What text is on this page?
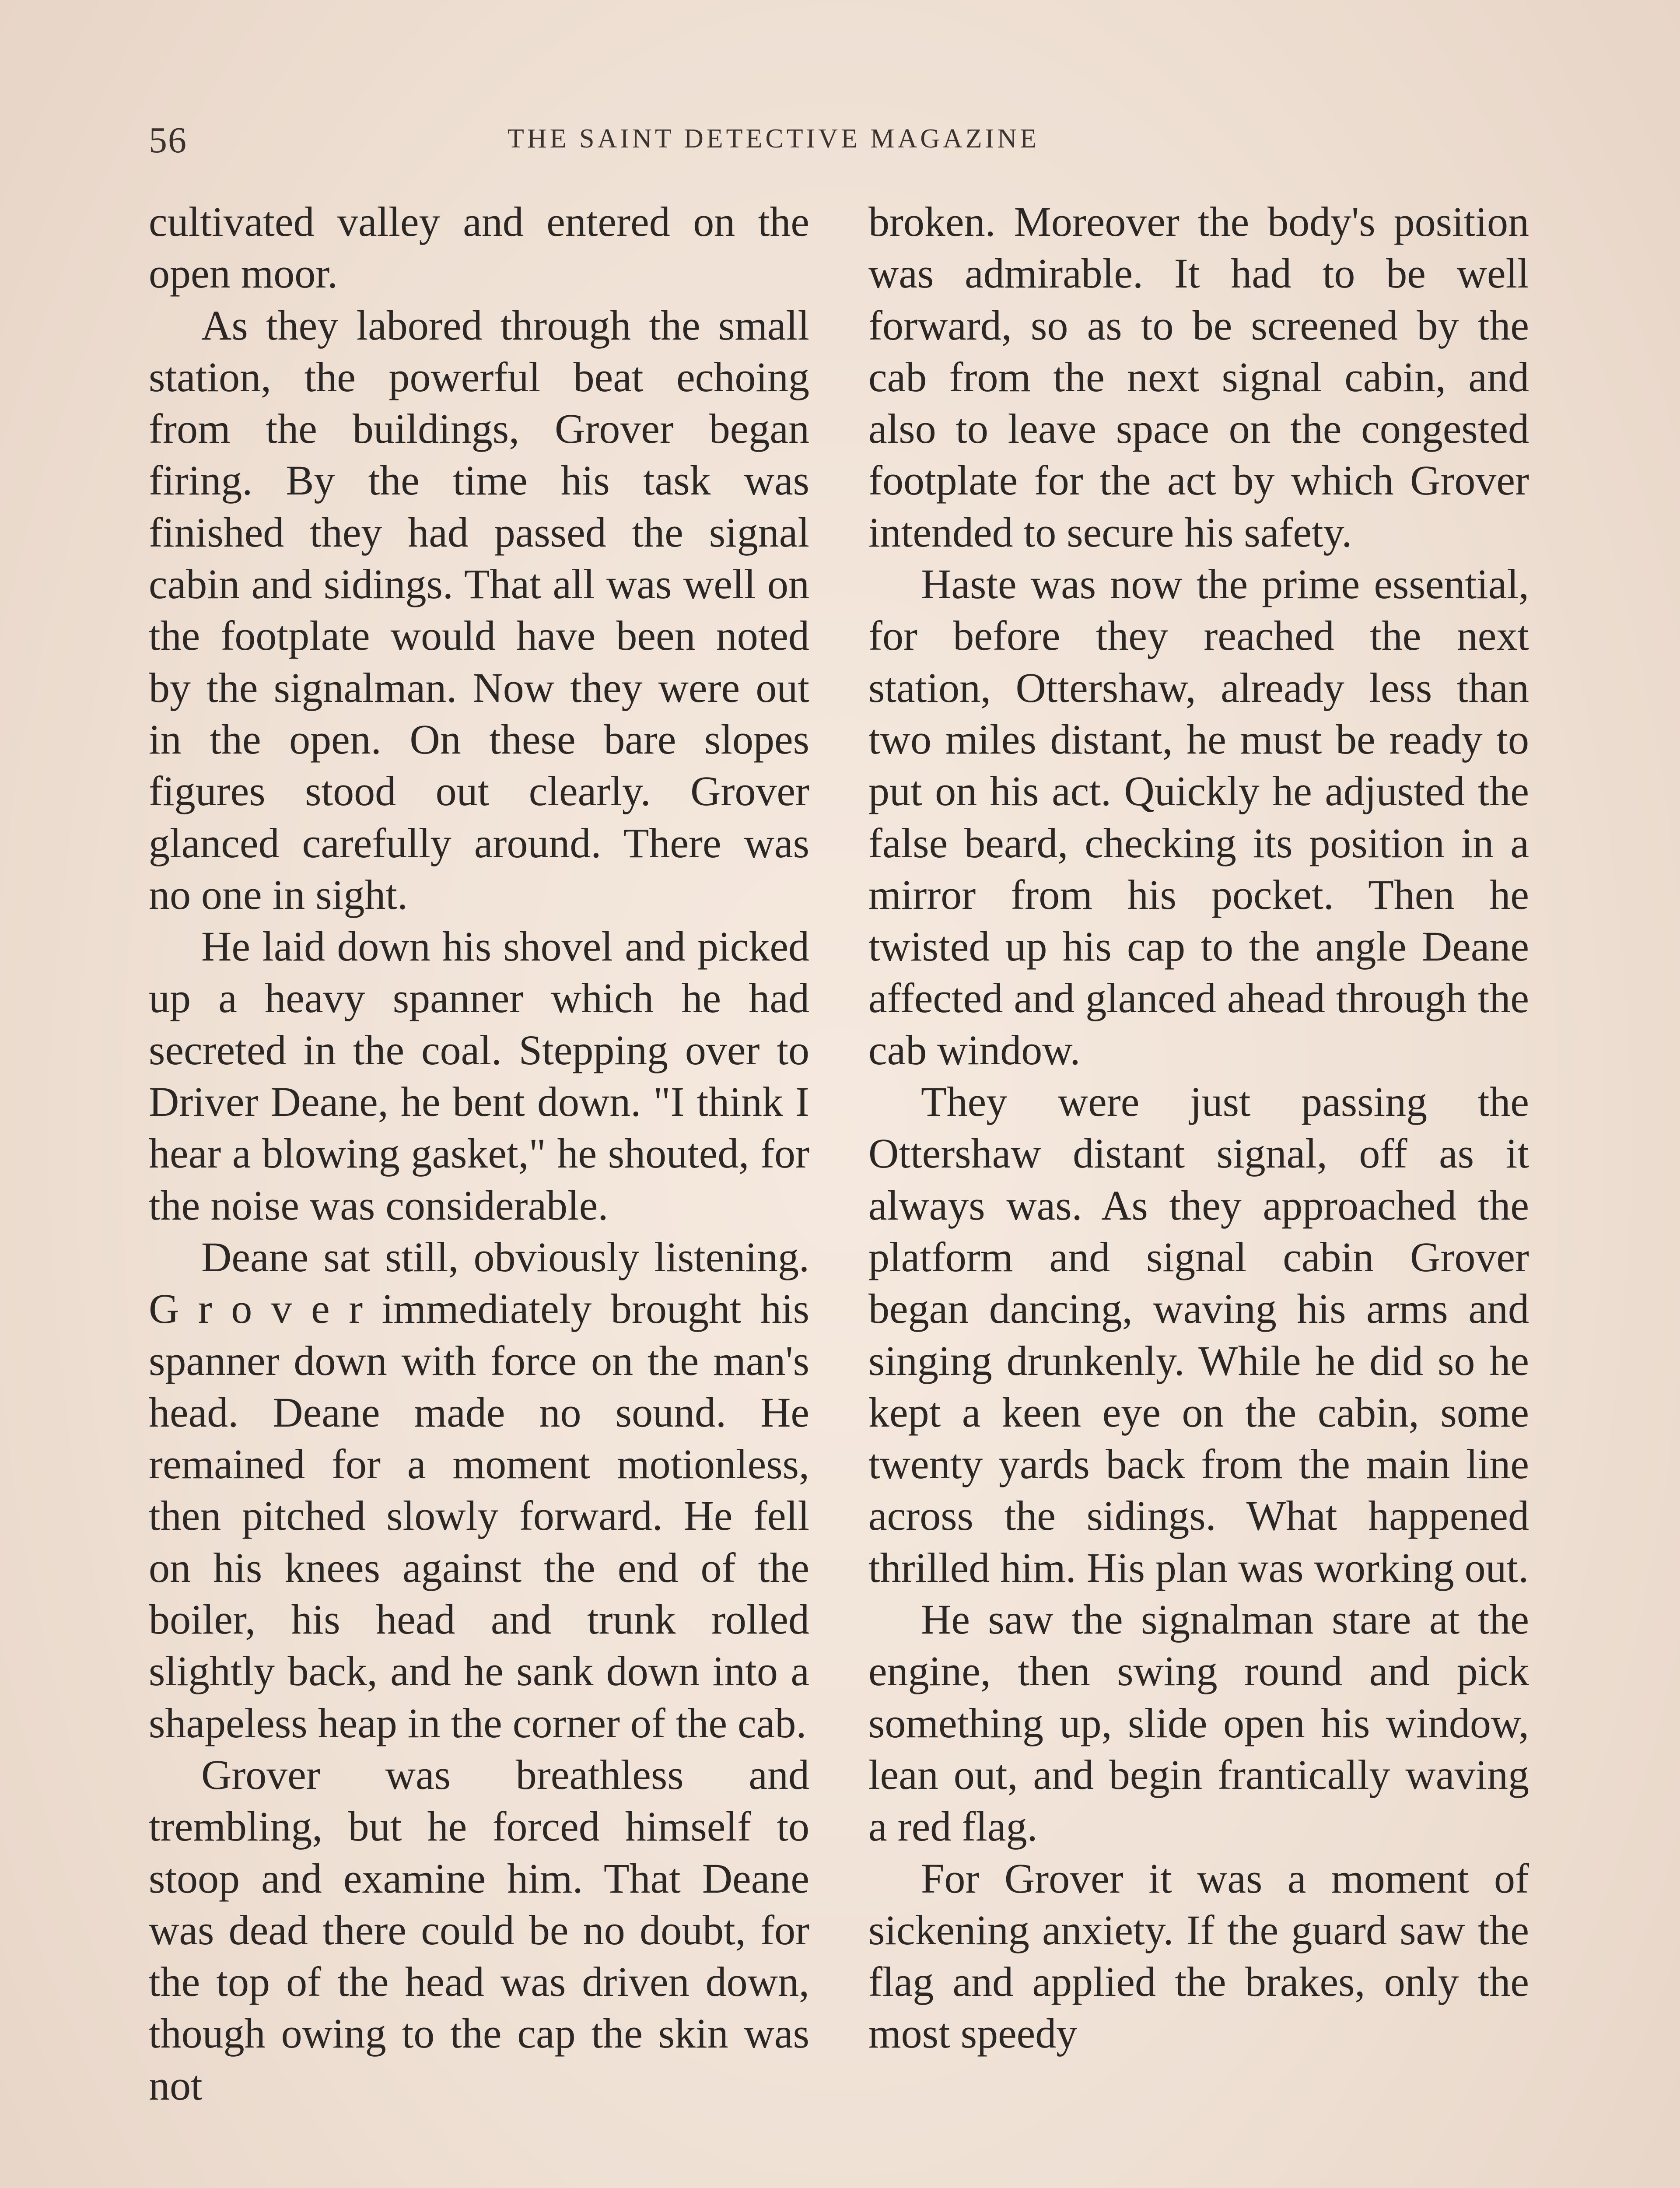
56	THE SAINT DETECTIVE MAGAZINE

cultivated valley and entered on the open moor.

As they labored through the small station, the powerful beat echoing from the buildings, Grover began firing. By the time his task was finished they had passed the signal cabin and sidings. That all was well on the footplate would have been noted by the signalman. Now they were out in the open. On these bare slopes figures stood out clearly. Grover glanced carefully around. There was no one in sight.

He laid down his shovel and picked up a heavy spanner which he had secreted in the coal. Stepping over to Driver Deane, he bent down. "I think I hear a blowing gasket," he shouted, for the noise was considerable.

Deane sat still, obviously listening. G r o v e r immediately brought his spanner down with force on the man's head. Deane made no sound. He remained for a moment motionless, then pitched slowly forward. He fell on his knees against the end of the boiler, his head and trunk rolled slightly back, and he sank down into a shapeless heap in the corner of the cab.

Grover was breathless and trembling, but he forced himself to stoop and examine him. That Deane was dead there could be no doubt, for the top of the head was driven down, though owing to the cap the skin was not

broken. Moreover the body's position was admirable. It had to be well forward, so as to be screened by the cab from the next signal cabin, and also to leave space on the congested footplate for the act by which Grover intended to secure his safety.

Haste was now the prime essential, for before they reached the next station, Ottershaw, already less than two miles distant, he must be ready to put on his act. Quickly he adjusted the false beard, checking its position in a mirror from his pocket. Then he twisted up his cap to the angle Deane affected and glanced ahead through the cab window.

They were just passing the Ottershaw distant signal, off as it always was. As they approached the platform and signal cabin Grover began dancing, waving his arms and singing drunkenly. While he did so he kept a keen eye on the cabin, some twenty yards back from the main line across the sidings. What happened thrilled him. His plan was working out.

He saw the signalman stare at the engine, then swing round and pick something up, slide open his window, lean out, and begin frantically waving a red flag.

For Grover it was a moment of sickening anxiety. If the guard saw the flag and applied the brakes, only the most speedy
